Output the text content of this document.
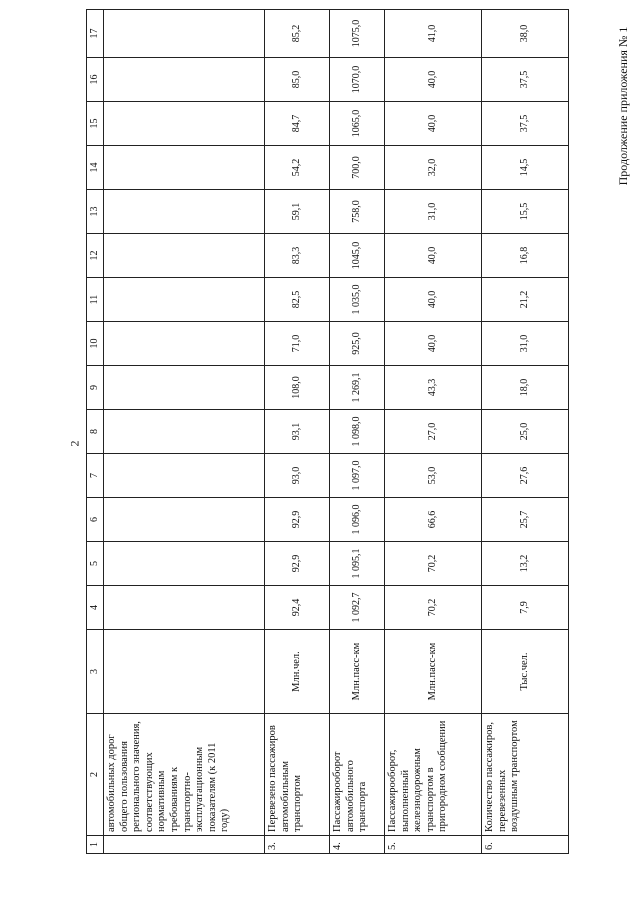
2
Продолжение приложения № 1
1	2	3	4	5	6	7	8	9	10	11	12	13	14	15	16	17
	автомобильных дорог общего пользования регионального значения, соответствующих нормативным требованиям к транспортно-эксплуатационным показателям (к 2011 году)															
3.	Перевезено пассажиров автомобильным транспортом	Млн.чел.	92,4	92,9	92,9	93,0	93,1	108,0	71,0	82,5	83,3	59,1	54,2	84,7	85,0	85,2
4.	Пассажирооборот автомобильного транспорта	Млн.пасс-км	1 092,7	1 095,1	1 096,0	1 097,0	1 098,0	1 269,1	925,0	1 035,0	1045,0	758,0	700,0	1065,0	1070,0	1075,0
5.	Пассажирооборот, выполненный железнодорожным транспортом в пригородном сообщении	Млн.пасс-км	70,2	70,2	66,6	53,0	27,0	43,3	40,0	40,0	40,0	31,0	32,0	40,0	40,0	41,0
6.	Количество пассажиров, перевезенных воздушным транспортом	Тыс.чел.	7,9	13,2	25,7	27,6	25,0	18,0	31,0	21,2	16,8	15,5	14,5	37,5	37,5	38,0
